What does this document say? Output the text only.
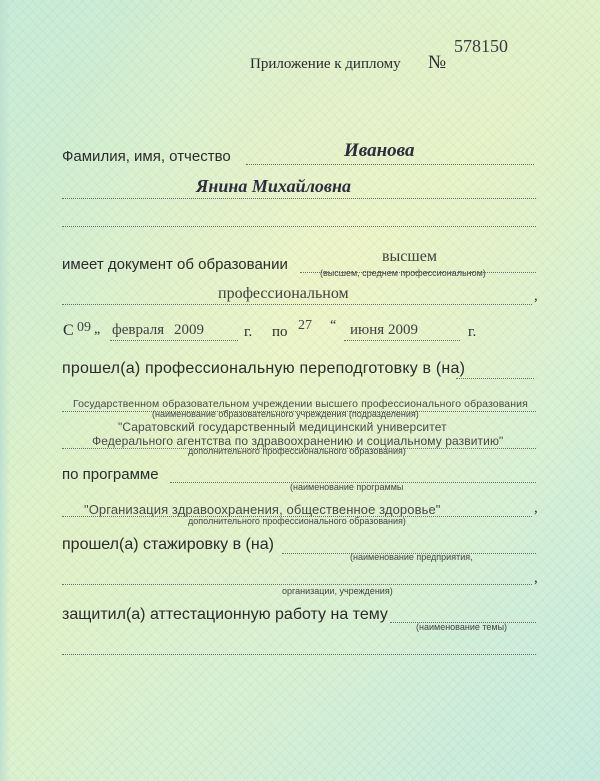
Приложение к диплому №
578150
Фамилия, имя, отчество	Иванова
Янина Михайловна
имеет документ об образовании	высшем
(высшем, среднем профессиональном)
профессиональном	,
С 09 „ февраля 2009	г. по 27 “ июня 2009	г.
прошел(а) профессиональную переподготовку в (на)
Государственном образовательном учреждении высшего профессионального образования
(наименование образовательного учреждения (подразделения)
"Саратовский государственный медицинский университет
Федерального агентства по здравоохранению и социальному развитию"
дополнительного профессионального образования)
по программе
(наименование программы
"Организация здравоохранения, общественное здоровье"	,
дополнительного профессионального образования)
прошел(а) стажировку в (на)
(наименование предприятия,
,
организации, учреждения)
защитил(а) аттестационную работу на тему
(наименование темы)
